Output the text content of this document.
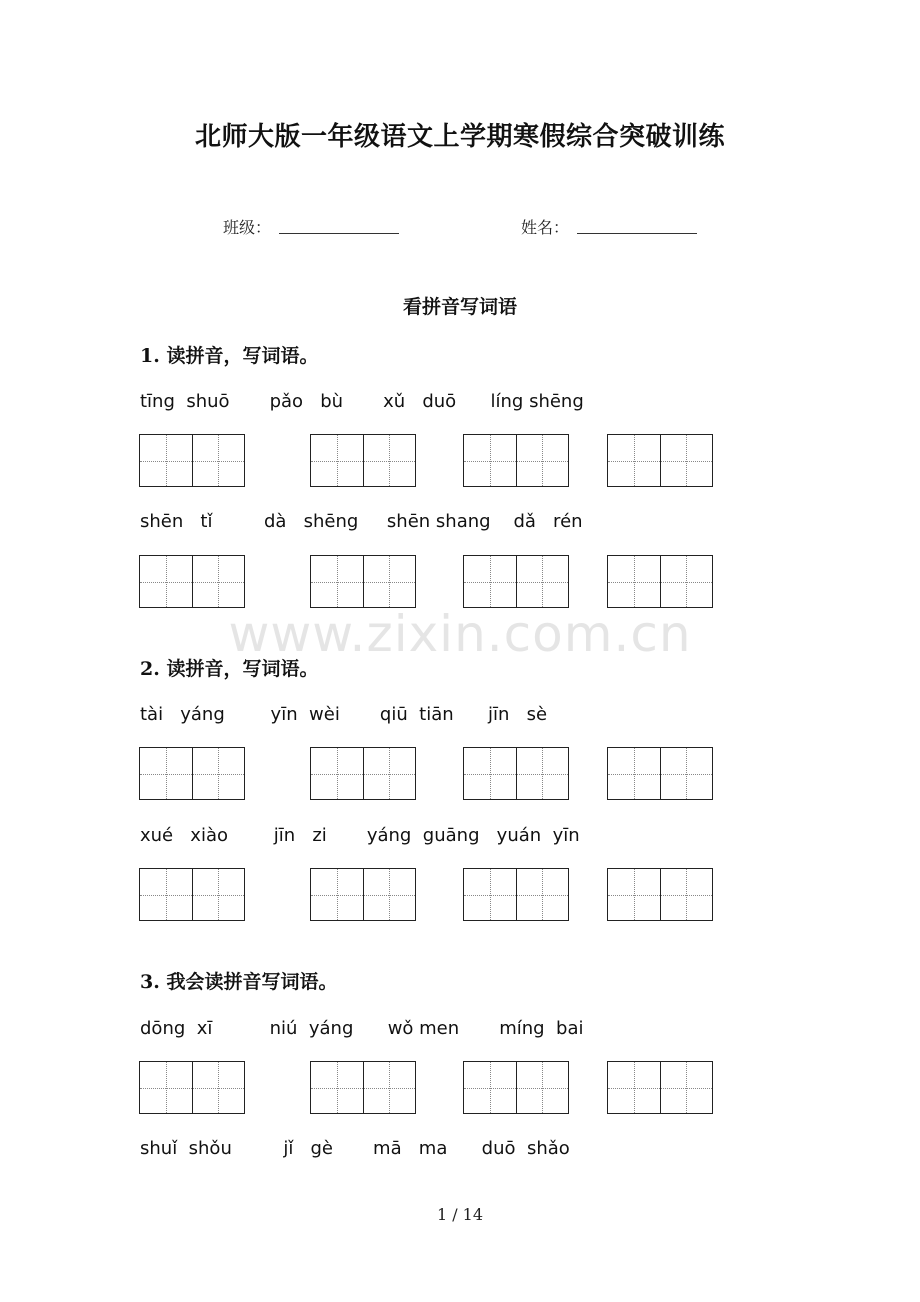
北师大版一年级语文上学期寒假综合突破训练
班级：	姓名：
看拼音写词语
1. 读拼音，写词语。
tīng  shuō       pǎo   bù       xǔ   duō      líng shēng
shēn   tǐ         dà   shēng     shēn shang    dǎ   rén
www.zixin.com.cn
2. 读拼音，写词语。
tài   yáng        yīn  wèi       qiū  tiān      jīn   sè
xué   xiào        jīn   zi       yáng  guāng   yuán  yīn
3. 我会读拼音写词语。
dōng  xī          niú  yáng      wǒ men       míng  bai
shuǐ  shǒu         jǐ   gè       mā   ma      duō  shǎo
1 / 14
